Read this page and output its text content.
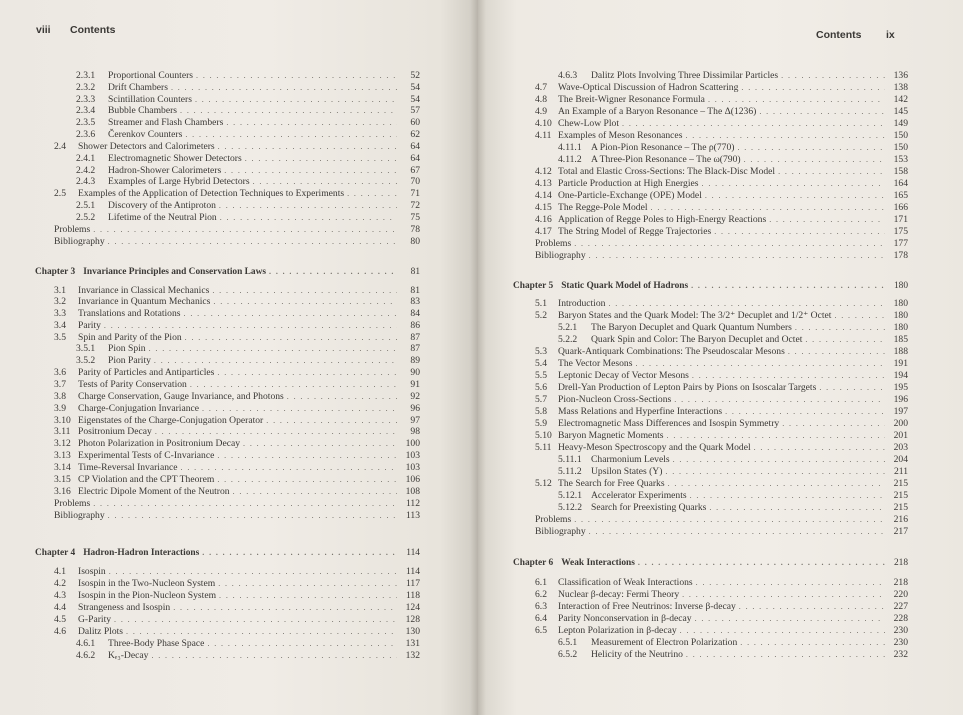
viii Contents
2.3.1	Proportional Counters . . .	52
2.3.2	Drift Chambers . . .	54
2.3.3	Scintillation Counters . . .	54
2.3.4	Bubble Chambers . . .	57
2.3.5	Streamer and Flash Chambers . . .	60
2.3.6	Čerenkov Counters . . .	62
2.4	Shower Detectors and Calorimeters . . .	64
2.4.1	Electromagnetic Shower Detectors . . .	64
2.4.2	Hadron-Shower Calorimeters . . .	67
2.4.3	Examples of Large Hybrid Detectors . . .	70
2.5	Examples of the Application of Detection Techniques to Experiments . . .	71
2.5.1	Discovery of the Antiproton . . .	72
2.5.2	Lifetime of the Neutral Pion . . .	75
Problems . . .	78
Bibliography . . .	80
Chapter 3 Invariance Principles and Conservation Laws . . .	81
3.1	Invariance in Classical Mechanics . . .	81
3.2	Invariance in Quantum Mechanics . . .	83
3.3	Translations and Rotations . . .	84
3.4	Parity . . .	86
3.5	Spin and Parity of the Pion . . .	87
3.5.1	Pion Spin . . .	87
3.5.2	Pion Parity . . .	89
3.6	Parity of Particles and Antiparticles . . .	90
3.7	Tests of Parity Conservation . . .	91
3.8	Charge Conservation, Gauge Invariance, and Photons . . .	92
3.9	Charge-Conjugation Invariance . . .	96
3.10 Eigenstates of the Charge-Conjugation Operator . . .	97
3.11 Positronium Decay . . .	98
3.12 Photon Polarization in Positronium Decay . . .	100
3.13 Experimental Tests of C-Invariance . . .	103
3.14 Time-Reversal Invariance . . .	103
3.15 CP Violation and the CPT Theorem . . .	106
3.16 Electric Dipole Moment of the Neutron . . .	108
Problems . . .	112
Bibliography . . .	113
Chapter 4 Hadron-Hadron Interactions . . .	114
4.1	Isospin . . .	114
4.2	Isospin in the Two-Nucleon System . . .	117
4.3	Isospin in the Pion-Nucleon System . . .	118
4.4	Strangeness and Isospin . . .	124
4.5	G-Parity . . .	128
4.6	Dalitz Plots . . .	130
4.6.1	Three-Body Phase Space . . .	131
4.6.2	Kₑ₃-Decay . . .	132
Contents ix
4.6.3	Dalitz Plots Involving Three Dissimilar Particles . . .	136
4.7	Wave-Optical Discussion of Hadron Scattering . . .	138
4.8	The Breit-Wigner Resonance Formula . . .	142
4.9	An Example of a Baryon Resonance – The Δ(1236) . . .	145
4.10 Chew-Low Plot . . .	149
4.11 Examples of Meson Resonances . . .	150
4.11.1 A Pion-Pion Resonance – The ρ(770) . . .	150
4.11.2 A Three-Pion Resonance – The ω(790) . . .	153
4.12 Total and Elastic Cross-Sections: The Black-Disc Model . . .	158
4.13 Particle Production at High Energies . . .	164
4.14 One-Particle-Exchange (OPE) Model . . .	165
4.15 The Regge-Pole Model . . .	166
4.16 Application of Regge Poles to High-Energy Reactions . . .	171
4.17 The String Model of Regge Trajectories . . .	175
Problems . . .	177
Bibliography . . .	178
Chapter 5 Static Quark Model of Hadrons . . .	180
5.1	Introduction . . .	180
5.2	Baryon States and the Quark Model: The 3/2⁺ Decuplet and 1/2⁺ Octet . . .	180
5.2.1	The Baryon Decuplet and Quark Quantum Numbers . . .	180
5.2.2	Quark Spin and Color: The Baryon Decuplet and Octet . . .	185
5.3	Quark-Antiquark Combinations: The Pseudoscalar Mesons . . .	188
5.4	The Vector Mesons . . .	191
5.5	Leptonic Decay of Vector Mesons . . .	194
5.6	Drell-Yan Production of Lepton Pairs by Pions on Isoscalar Targets . . .	195
5.7	Pion-Nucleon Cross-Sections . . .	196
5.8	Mass Relations and Hyperfine Interactions . . .	197
5.9	Electromagnetic Mass Differences and Isospin Symmetry . . .	200
5.10 Baryon Magnetic Moments . . .	201
5.11 Heavy-Meson Spectroscopy and the Quark Model . . .	203
5.11.1 Charmonium Levels . . .	204
5.11.2 Upsilon States (Υ) . . .	211
5.12 The Search for Free Quarks . . .	215
5.12.1 Accelerator Experiments . . .	215
5.12.2 Search for Preexisting Quarks . . .	215
Problems . . .	216
Bibliography . . .	217
Chapter 6 Weak Interactions . . .	218
6.1	Classification of Weak Interactions . . .	218
6.2	Nuclear β-decay: Fermi Theory . . .	220
6.3	Interaction of Free Neutrinos: Inverse β-decay . . .	227
6.4	Parity Nonconservation in β-decay . . .	228
6.5	Lepton Polarization in β-decay . . .	230
6.5.1	Measurement of Electron Polarization . . .	230
6.5.2	Helicity of the Neutrino . . .	232
